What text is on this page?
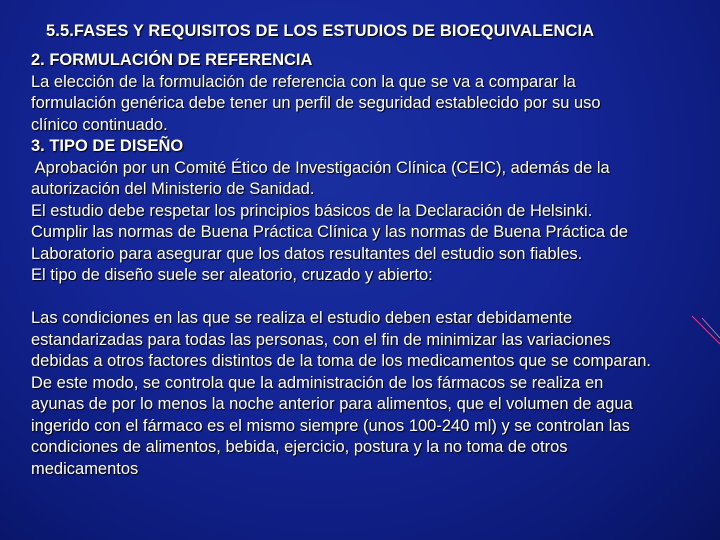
5.5.FASES Y REQUISITOS DE LOS ESTUDIOS DE BIOEQUIVALENCIA

2. FORMULACIÓN DE REFERENCIA

La elección de la formulación de referencia con la que se va a comparar la

formulación genérica debe tener un perfil de seguridad establecido por su uso

clínico continuado.

3. TIPO DE DISEÑO

Aprobación por un Comité Ético de Investigación Clínica (CEIC), además de la

autorización del Ministerio de Sanidad.

El estudio debe respetar los principios básicos de la Declaración de Helsinki.

Cumplir las normas de Buena Práctica Clínica y las normas de Buena Práctica de

Laboratorio para asegurar que los datos resultantes del estudio son fiables.

El tipo de diseño suele ser aleatorio, cruzado y abierto:

Las condiciones en las que se realiza el estudio deben estar debidamente

estandarizadas para todas las personas, con el fin de minimizar las variaciones

debidas a otros factores distintos de la toma de los medicamentos que se comparan.

De este modo, se controla que la administración de los fármacos se realiza en

ayunas de por lo menos la noche anterior para alimentos, que el volumen de agua

ingerido con el fármaco es el mismo siempre (unos 100-240 ml) y se controlan las

condiciones de alimentos, bebida, ejercicio, postura y la no toma de otros

medicamentos
